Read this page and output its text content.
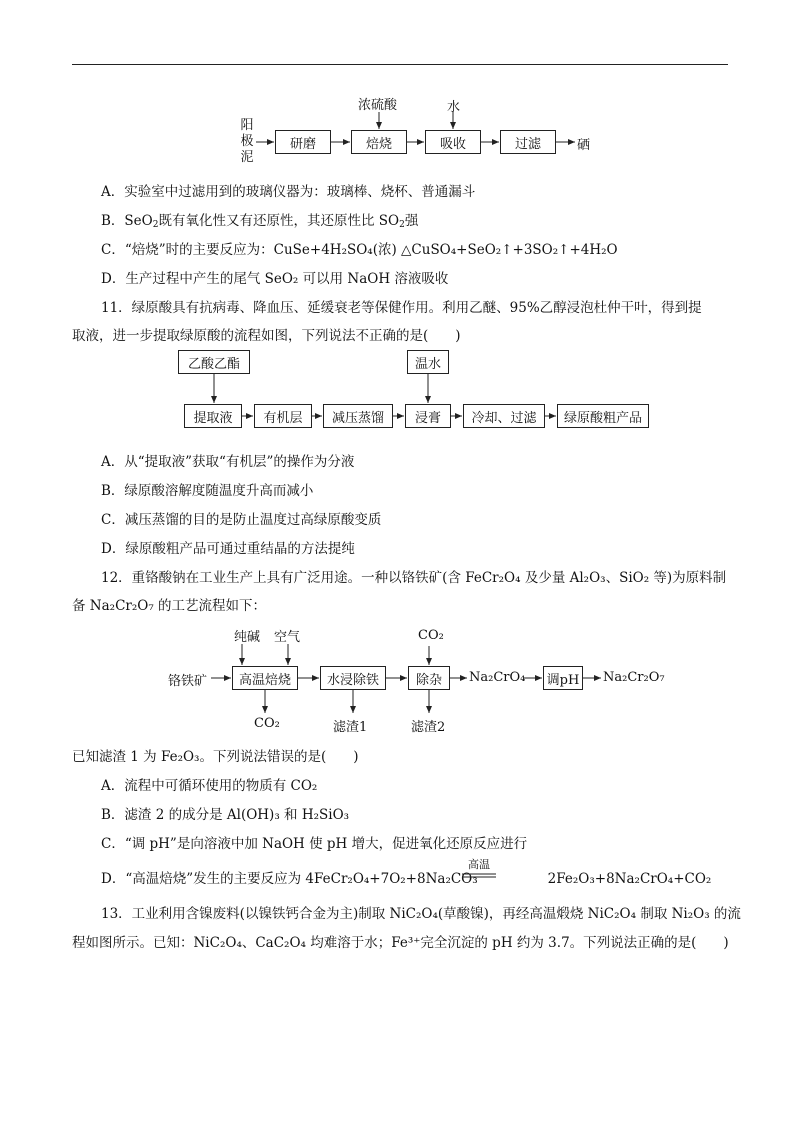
阳
极
泥
浓硫酸	水
研磨	焙烧	吸收	过滤	硒
A．实验室中过滤用到的玻璃仪器为：玻璃棒、烧杯、普通漏斗
B．SeO$_2$既有氧化性又有还原性，其还原性比 $SO_2$强
C．“焙烧”时的主要反应为：CuSe+4H₂SO₄(浓) △CuSO₄+SeO₂↑+3SO₂↑+4H₂O
D．生产过程中产生的尾气 SeO₂ 可以用 NaOH 溶液吸收
11．绿原酸具有抗病毒、降血压、延缓衰老等保健作用。利用乙醚、95%乙醇浸泡杜仲干叶，得到提
取液，进一步提取绿原酸的流程如图，下列说法不正确的是(　　)
乙酸乙酯	温水
提取液	有机层	减压蒸馏	浸膏	冷却、过滤	绿原酸粗产品
A．从“提取液”获取“有机层”的操作为分液
B．绿原酸溶解度随温度升高而减小
C．减压蒸馏的目的是防止温度过高绿原酸变质
D．绿原酸粗产品可通过重结晶的方法提纯
12．重铬酸钠在工业生产上具有广泛用途。一种以铬铁矿(含 FeCr₂O₄ 及少量 Al₂O₃、SiO₂ 等)为原料制
备 Na₂Cr₂O₇ 的工艺流程如下：
纯碱 空气	CO₂
铬铁矿	高温焙烧	水浸除铁	除杂	Na₂CrO₄ 调pH Na₂Cr₂O₇
CO₂	滤渣1	滤渣2
已知滤渣 1 为 Fe₂O₃。下列说法错误的是(　　)
A．流程中可循环使用的物质有 CO₂
B．滤渣 2 的成分是 Al(OH)₃ 和 H₂SiO₃
C．“调 pH”是向溶液中加 NaOH 使 pH 增大，促进氧化还原反应进行
D．“高温焙烧”发生的主要反应为 4FeCr₂O₄+7O₂+8Na₂CO₃	2Fe₂O₃+8Na₂CrO₄+CO₂
高温
13．工业利用含镍废料(以镍铁钙合金为主)制取 NiC₂O₄(草酸镍)，再经高温煅烧 NiC₂O₄ 制取 Ni₂O₃ 的流
程如图所示。已知：NiC₂O₄、CaC₂O₄ 均难溶于水；Fe³⁺完全沉淀的 pH 约为 3.7。下列说法正确的是(　　)
